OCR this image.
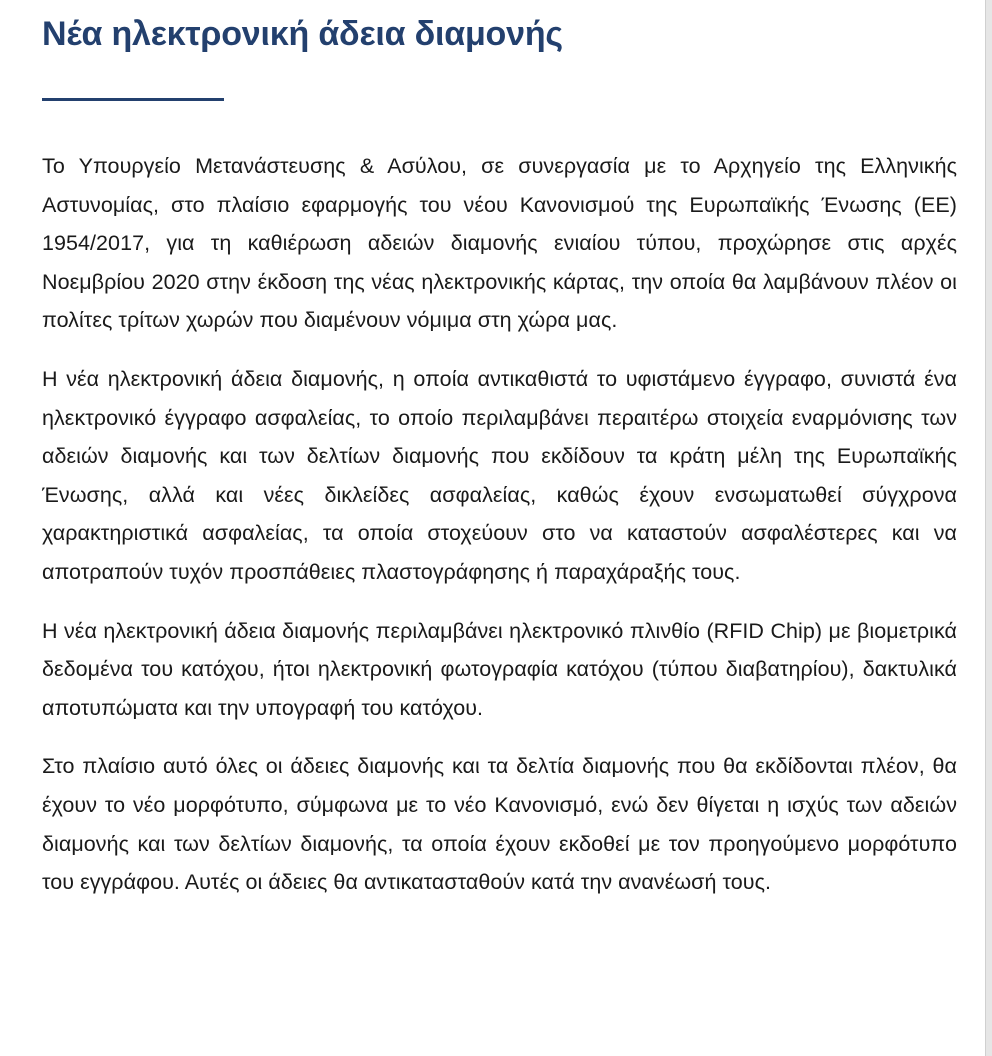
Νέα ηλεκτρονική άδεια διαμονής

Το Υπουργείο Μετανάστευσης & Ασύλου, σε συνεργασία με το Αρχηγείο της Ελληνικής Αστυνομίας, στο πλαίσιο εφαρμογής του νέου Κανονισμού της Ευρωπαϊκής Ένωσης (ΕΕ) 1954/2017, για τη καθιέρωση αδειών διαμονής ενιαίου τύπου, προχώρησε στις αρχές Νοεμβρίου 2020 στην έκδοση της νέας ηλεκτρονικής κάρτας, την οποία θα λαμβάνουν πλέον οι πολίτες τρίτων χωρών που διαμένουν νόμιμα στη χώρα μας.

Η νέα ηλεκτρονική άδεια διαμονής, η οποία αντικαθιστά το υφιστάμενο έγγραφο, συνιστά ένα ηλεκτρονικό έγγραφο ασφαλείας, το οποίο περιλαμβάνει περαιτέρω στοιχεία εναρμόνισης των αδειών διαμονής και των δελτίων διαμονής που εκδίδουν τα κράτη μέλη της Ευρωπαϊκής Ένωσης, αλλά και νέες δικλείδες ασφαλείας, καθώς έχουν ενσωματωθεί σύγχρονα χαρακτηριστικά ασφαλείας, τα οποία στοχεύουν στο να καταστούν ασφαλέστερες και να αποτραπούν τυχόν προσπάθειες πλαστογράφησης ή παραχάραξής τους.

Η νέα ηλεκτρονική άδεια διαμονής περιλαμβάνει ηλεκτρονικό πλινθίο (RFID Chip) με βιομετρικά δεδομένα του κατόχου, ήτοι ηλεκτρονική φωτογραφία κατόχου (τύπου διαβατηρίου), δακτυλικά αποτυπώματα και την υπογραφή του κατόχου.

Στο πλαίσιο αυτό όλες οι άδειες διαμονής και τα δελτία διαμονής που θα εκδίδονται πλέον, θα έχουν το νέο μορφότυπο, σύμφωνα με το νέο Κανονισμό, ενώ δεν θίγεται η ισχύς των αδειών διαμονής και των δελτίων διαμονής, τα οποία έχουν εκδοθεί με τον προηγούμενο μορφότυπο του εγγράφου. Αυτές οι άδειες θα αντικατασταθούν κατά την ανανέωσή τους.
